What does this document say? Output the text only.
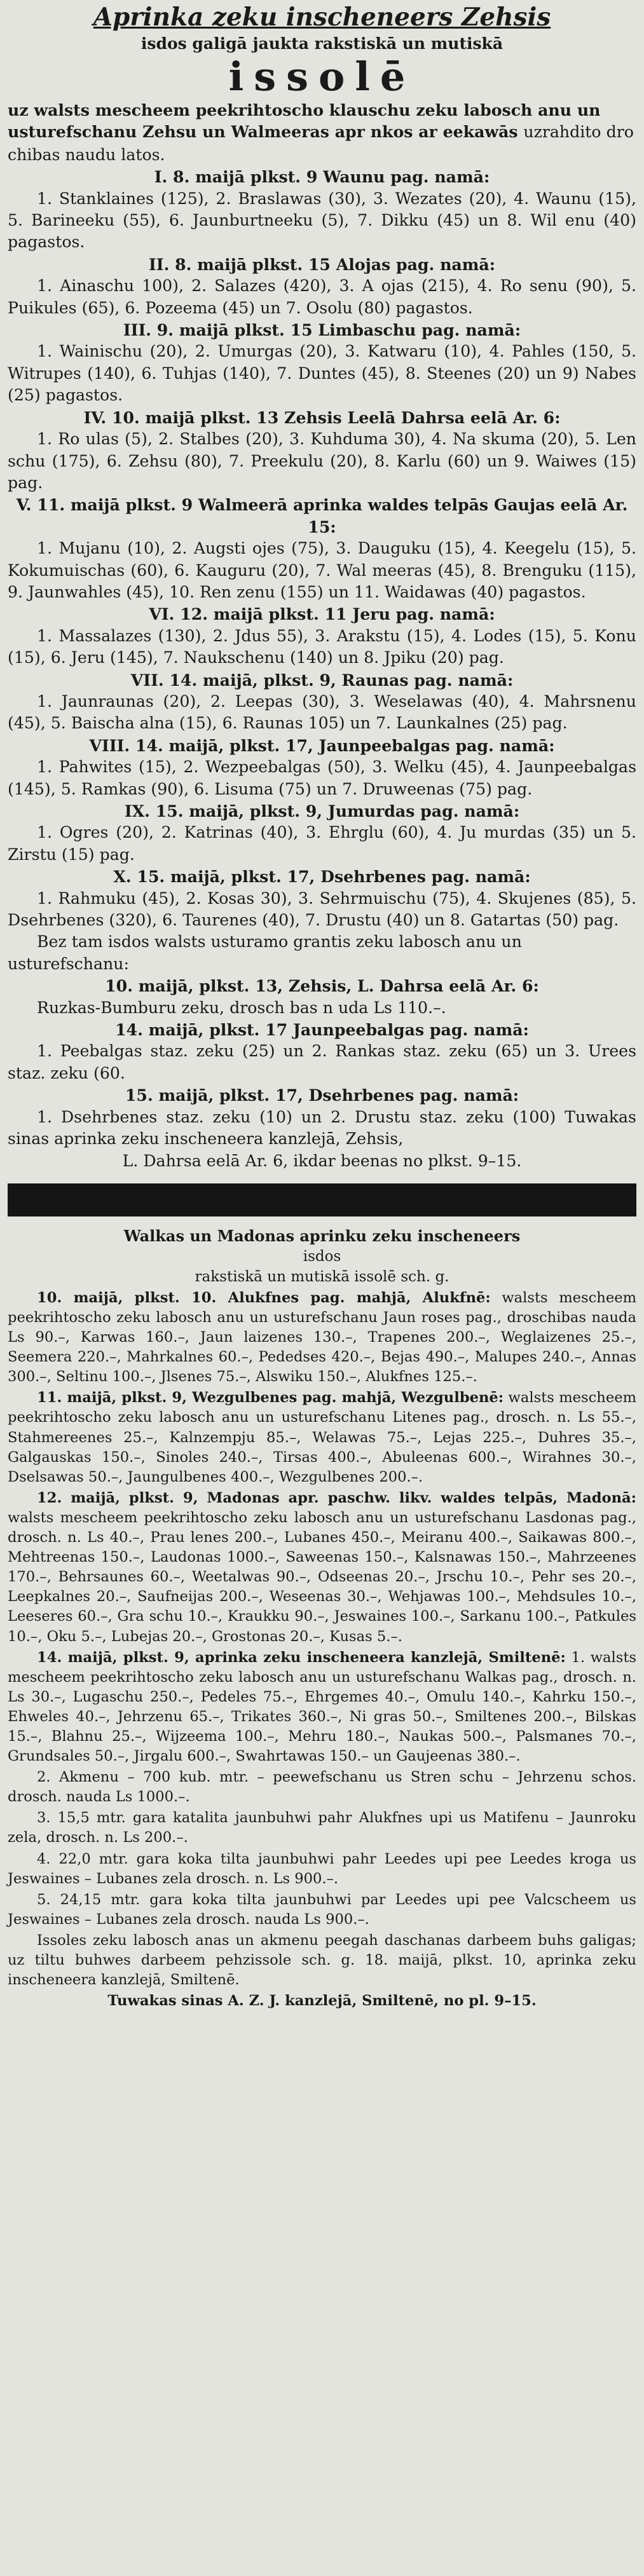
Aprinka zeku inscheneers Zehsis

isdos galigā jaukta rakstiskā un mutiskā

issolē

uz walsts mescheem peekrihtoscho klauschu zeku labosch anu un usturefschanu Zehsu un Walmeeras apr nkos ar eekawās uzrahdito dro chibas naudu latos.

I. 8. maijā plkst. 9 Waunu pag. namā:

1. Stanklaines (125), 2. Braslawas (30), 3. Wezates (20), 4. Waunu (15), 5. Barineeku (55), 6. Jaunburtneeku (5), 7. Dikku (45) un 8. Wil enu (40) pagastos.

II. 8. maijā plkst. 15 Alojas pag. namā:

1. Ainaschu 100), 2. Salazes (420), 3. A ojas (215), 4. Ro senu (90), 5. Puikules (65), 6. Pozeema (45) un 7. Osolu (80) pagastos.

III. 9. maijā plkst. 15 Limbaschu pag. namā:

1. Wainischu (20), 2. Umurgas (20), 3. Katwaru (10), 4. Pahles (150, 5. Witrupes (140), 6. Tuhjas (140), 7. Duntes (45), 8. Steenes (20) un 9) Nabes (25) pagastos.

IV. 10. maijā plkst. 13 Zehsis Leelā Dahrsa eelā Ar. 6:

1. Ro ulas (5), 2. Stalbes (20), 3. Kuhduma 30), 4. Na skuma (20), 5. Len schu (175), 6. Zehsu (80), 7. Preekulu (20), 8. Karlu (60) un 9. Waiwes (15) pag.

V. 11. maijā plkst. 9 Walmeerā aprinka waldes telpās Gaujas eelā Ar. 15:

1. Mujanu (10), 2. Augsti ojes (75), 3. Dauguku (15), 4. Keegelu (15), 5. Kokumuischas (60), 6. Kauguru (20), 7. Wal meeras (45), 8. Brenguku (115), 9. Jaunwahles (45), 10. Ren zenu (155) un 11. Waidawas (40) pagastos.

VI. 12. maijā plkst. 11 Jeru pag. namā:

1. Massalazes (130), 2. Jdus 55), 3. Arakstu (15), 4. Lodes (15), 5. Konu (15), 6. Jeru (145), 7. Naukschenu (140) un 8. Jpiku (20) pag.

VII. 14. maijā, plkst. 9, Raunas pag. namā:

1. Jaunraunas (20), 2. Leepas (30), 3. Weselawas (40), 4. Mahrsnenu (45), 5. Baischa alna (15), 6. Raunas 105) un 7. Launkalnes (25) pag.

VIII. 14. maijā, plkst. 17, Jaunpeebalgas pag. namā:

1. Pahwites (15), 2. Wezpeebalgas (50), 3. Welku (45), 4. Jaunpeebalgas (145), 5. Ramkas (90), 6. Lisuma (75) un 7. Druweenas (75) pag.

IX. 15. maijā, plkst. 9, Jumurdas pag. namā:

1. Ogres (20), 2. Katrinas (40), 3. Ehrglu (60), 4. Ju murdas (35) un 5. Zirstu (15) pag.

X. 15. maijā, plkst. 17, Dsehrbenes pag. namā:

1. Rahmuku (45), 2. Kosas 30), 3. Sehrmuischu (75), 4. Skujenes (85), 5. Dsehrbenes (320), 6. Taurenes (40), 7. Drustu (40) un 8. Gatartas (50) pag.

Bez tam isdos walsts usturamo grantis zeku labosch anu un usturefschanu:

10. maijā, plkst. 13, Zehsis, L. Dahrsa eelā Ar. 6:

Ruzkas-Bumburu zeku, drosch bas n uda Ls 110.–.

14. maijā, plkst. 17 Jaunpeebalgas pag. namā:

1. Peebalgas staz. zeku (25) un 2. Rankas staz. zeku (65) un 3. Urees staz. zeku (60.

15. maijā, plkst. 17, Dsehrbenes pag. namā:

1. Dsehrbenes staz. zeku (10) un 2. Drustu staz. zeku (100) Tuwakas sinas aprinka zeku inscheneera kanzlejā, Zehsis,

L. Dahrsa eelā Ar. 6, ikdar beenas no plkst. 9–15.

Walkas un Madonas aprinku zeku inscheneers

isdos

rakstiskā un mutiskā issolē sch. g.

10. maijā, plkst. 10. Alukfnes pag. mahjā, Alukfnē: walsts mescheem peekrihtoscho zeku labosch anu un usturefschanu Jaun roses pag., droschibas nauda Ls 90.–, Karwas 160.–, Jaun laizenes 130.–, Trapenes 200.–, Weglaizenes 25.–, Seemera 220.–, Mahrkalnes 60.–, Pededses 420.–, Bejas 490.–, Malupes 240.–, Annas 300.–, Seltinu 100.–, Jlsenes 75.–, Alswiku 150.–, Alukfnes 125.–.

11. maijā, plkst. 9, Wezgulbenes pag. mahjā, Wezgulbenē: walsts mescheem peekrihtoscho zeku labosch anu un usturefschanu Litenes pag., drosch. n. Ls 55.–, Stahmereenes 25.–, Kalnzempju 85.–, Welawas 75.–, Lejas 225.–, Duhres 35.–, Galgauskas 150.–, Sinoles 240.–, Tirsas 400.–, Abuleenas 600.–, Wirahnes 30.–, Dselsawas 50.–, Jaungulbenes 400.–, Wezgulbenes 200.–.

12. maijā, plkst. 9, Madonas apr. paschw. likv. waldes telpās, Madonā: walsts mescheem peekrihtoscho zeku labosch anu un usturefschanu Lasdonas pag., drosch. n. Ls 40.–, Prau lenes 200.–, Lubanes 450.–, Meiranu 400.–, Saikawas 800.–, Mehtreenas 150.–, Laudonas 1000.–, Saweenas 150.–, Kalsnawas 150.–, Mahrzeenes 170.–, Behrsaunes 60.–, Weetalwas 90.–, Odseenas 20.–, Jrschu 10.–, Pehr ses 20.–, Leepkalnes 20.–, Saufneijas 200.–, Weseenas 30.–, Wehjawas 100.–, Mehdsules 10.–, Leeseres 60.–, Gra schu 10.–, Kraukku 90.–, Jeswaines 100.–, Sarkanu 100.–, Patkules 10.–, Oku 5.–, Lubejas 20.–, Grostonas 20.–, Kusas 5.–.

14. maijā, plkst. 9, aprinka zeku inscheneera kanzlejā, Smiltenē: 1. walsts mescheem peekrihtoscho zeku labosch anu un usturefschanu Walkas pag., drosch. n. Ls 30.–, Lugaschu 250.–, Pedeles 75.–, Ehrgemes 40.–, Omulu 140.–, Kahrku 150.–, Ehweles 40.–, Jehrzenu 65.–, Trikates 360.–, Ni gras 50.–, Smiltenes 200.–, Bilskas 15.–, Blahnu 25.–, Wijzeema 100.–, Mehru 180.–, Naukas 500.–, Palsmanes 70.–, Grundsales 50.–, Jirgalu 600.–, Swahrtawas 150.– un Gaujeenas 380.–.

2. Akmenu – 700 kub. mtr. – peewefschanu us Stren schu – Jehrzenu schos. drosch. nauda Ls 1000.–.

3. 15,5 mtr. gara katalita jaunbuhwi pahr Alukfnes upi us Matifenu – Jaunroku zela, drosch. n. Ls 200.–.

4. 22,0 mtr. gara koka tilta jaunbuhwi pahr Leedes upi pee Leedes kroga us Jeswaines – Lubanes zela drosch. n. Ls 900.–.

5. 24,15 mtr. gara koka tilta jaunbuhwi par Leedes upi pee Valcscheem us Jeswaines – Lubanes zela drosch. nauda Ls 900.–.

Issoles zeku labosch anas un akmenu peegah daschanas darbeem buhs galigas; uz tiltu buhwes darbeem pehzissole sch. g. 18. maijā, plkst. 10, aprinka zeku inscheneera kanzlejā, Smiltenē.

Tuwakas sinas A. Z. J. kanzlejā, Smiltenē, no pl. 9–15.
